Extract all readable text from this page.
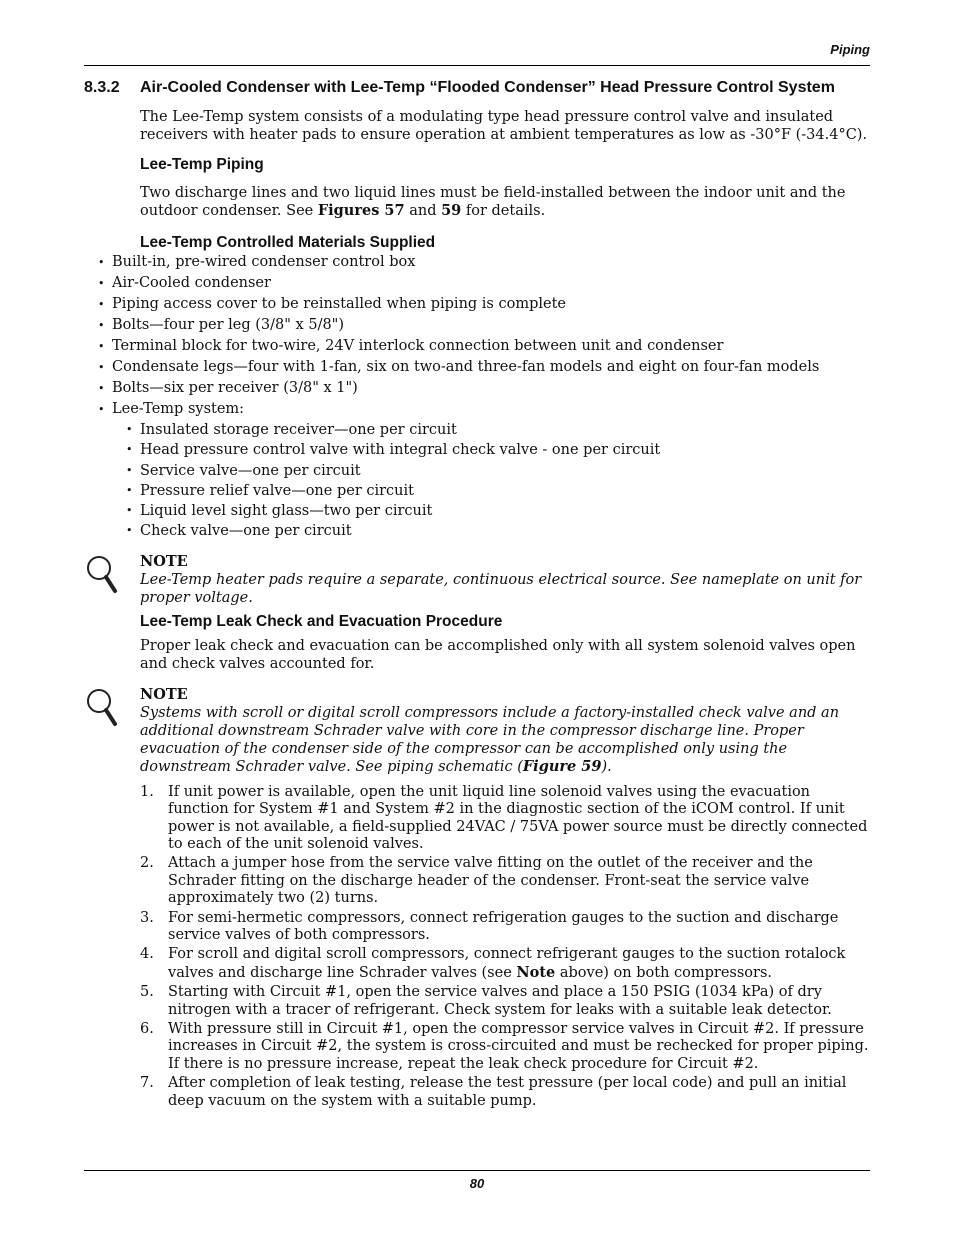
Piping
8.3.2	Air-Cooled Condenser with Lee-Temp “Flooded Condenser” Head Pressure Control System

The Lee-Temp system consists of a modulating type head pressure control valve and insulated receivers with heater pads to ensure operation at ambient temperatures as low as -30°F (-34.4°C).

Lee-Temp Piping

Two discharge lines and two liquid lines must be field-installed between the indoor unit and the outdoor condenser. See Figures 57 and 59 for details.

Lee-Temp Controlled Materials Supplied
• Built-in, pre-wired condenser control box
• Air-Cooled condenser
• Piping access cover to be reinstalled when piping is complete
• Bolts—four per leg (3/8" x 5/8")
• Terminal block for two-wire, 24V interlock connection between unit and condenser
• Condensate legs—four with 1-fan, six on two-and three-fan models and eight on four-fan models
• Bolts—six per receiver (3/8" x 1")
• Lee-Temp system:
• Insulated storage receiver—one per circuit
• Head pressure control valve with integral check valve - one per circuit
• Service valve—one per circuit
• Pressure relief valve—one per circuit
• Liquid level sight glass—two per circuit
• Check valve—one per circuit
NOTE
Lee-Temp heater pads require a separate, continuous electrical source. See nameplate on unit for proper voltage.
Lee-Temp Leak Check and Evacuation Procedure

Proper leak check and evacuation can be accomplished only with all system solenoid valves open and check valves accounted for.

NOTE
Systems with scroll or digital scroll compressors include a factory-installed check valve and an additional downstream Schrader valve with core in the compressor discharge line. Proper evacuation of the condenser side of the compressor can be accomplished only using the downstream Schrader valve. See piping schematic (Figure 59).
1. If unit power is available, open the unit liquid line solenoid valves using the evacuation function for System #1 and System #2 in the diagnostic section of the iCOM control. If unit power is not available, a field-supplied 24VAC / 75VA power source must be directly connected to each of the unit solenoid valves.
2. Attach a jumper hose from the service valve fitting on the outlet of the receiver and the Schrader fitting on the discharge header of the condenser. Front-seat the service valve approximately two (2) turns.
3. For semi-hermetic compressors, connect refrigeration gauges to the suction and discharge service valves of both compressors.
4. For scroll and digital scroll compressors, connect refrigerant gauges to the suction rotalock valves and discharge line Schrader valves (see Note above) on both compressors.
5. Starting with Circuit #1, open the service valves and place a 150 PSIG (1034 kPa) of dry nitrogen with a tracer of refrigerant. Check system for leaks with a suitable leak detector.
6. With pressure still in Circuit #1, open the compressor service valves in Circuit #2. If pressure increases in Circuit #2, the system is cross-circuited and must be rechecked for proper piping. If there is no pressure increase, repeat the leak check procedure for Circuit #2.
7. After completion of leak testing, release the test pressure (per local code) and pull an initial deep vacuum on the system with a suitable pump.
80
